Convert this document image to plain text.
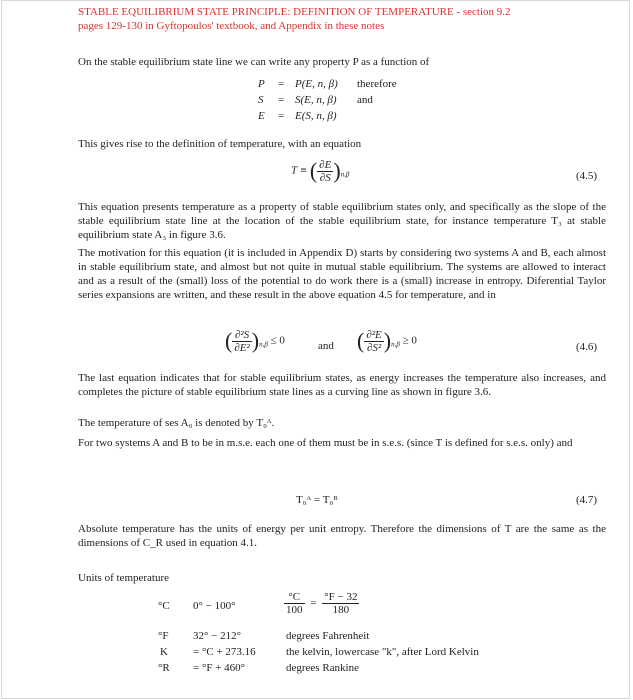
STABLE EQUILIBRIUM STATE PRINCIPLE: DEFINITION OF TEMPERATURE - section 9.2
pages 129-130 in Gyftopoulos' textbook, and Appendix in these notes
On the stable equilibrium state line we can write any property P as a function of
P = P(E, n, β) therefore
S = S(E, n, β) and
E = E(S, n, β)
This gives rise to the definition of temperature, with an equation
T ≡ ( $\frac{\partial E}{\partial S} )_{n,\beta}$	(4.5)
This equation presents temperature as a property of stable equilibrium states only, and specifically as the slope of the stable equilibrium state line at the location of the stable equilibrium state, for instance temperature T₃ at stable equilibrium state A₃ in figure 3.6.
The motivation for this equation (it is included in Appendix D) starts by considering two systems A and B, each almost in stable equilibrium state, and almost but not quite in mutual stable equilibrium. The systems are allowed to interact and as a result of the (small) loss of the potential to do work there is a (small) increase in entropy. Diferential Taylor series expansions are written, and these result in the above equation 4.5 for temperature, and in
( $\frac{\text{∂²S}}{\text{∂E²}} )_{n,\beta} \le 0$	and ( $\frac{\text{∂²E}}{\text{∂S²}} )_{n,\beta} \ge 0$
(4.6)
The last equation indicates that for stable equilibrium states, as energy increases the temperature also increases, and completes the picture of stable equilibrium state lines as a curving line as shown in figure 3.6.
The temperature of ses A₀ is denoted by T₀ᴬ.
For two systems A and B to be in m.s.e. each one of them must be in s.e.s. (since T is defined for s.e.s. only) and
T₀ᴬ = T₀ᴮ	(4.7)
Absolute temperature has the units of energy per unit entropy. Therefore the dimensions of T are the same as the dimensions of C_R used in equation 4.1.
Units of temperature
°C 0° − 100°	$\frac{^\circ C}{100} = \frac{^\circ F - 32}{180}$
°F 32° − 212°	degrees Fahrenheit
K = °C + 273.16	the kelvin, lowercase "k", after Lord Kelvin
°R = °F + 460°	degrees Rankine
